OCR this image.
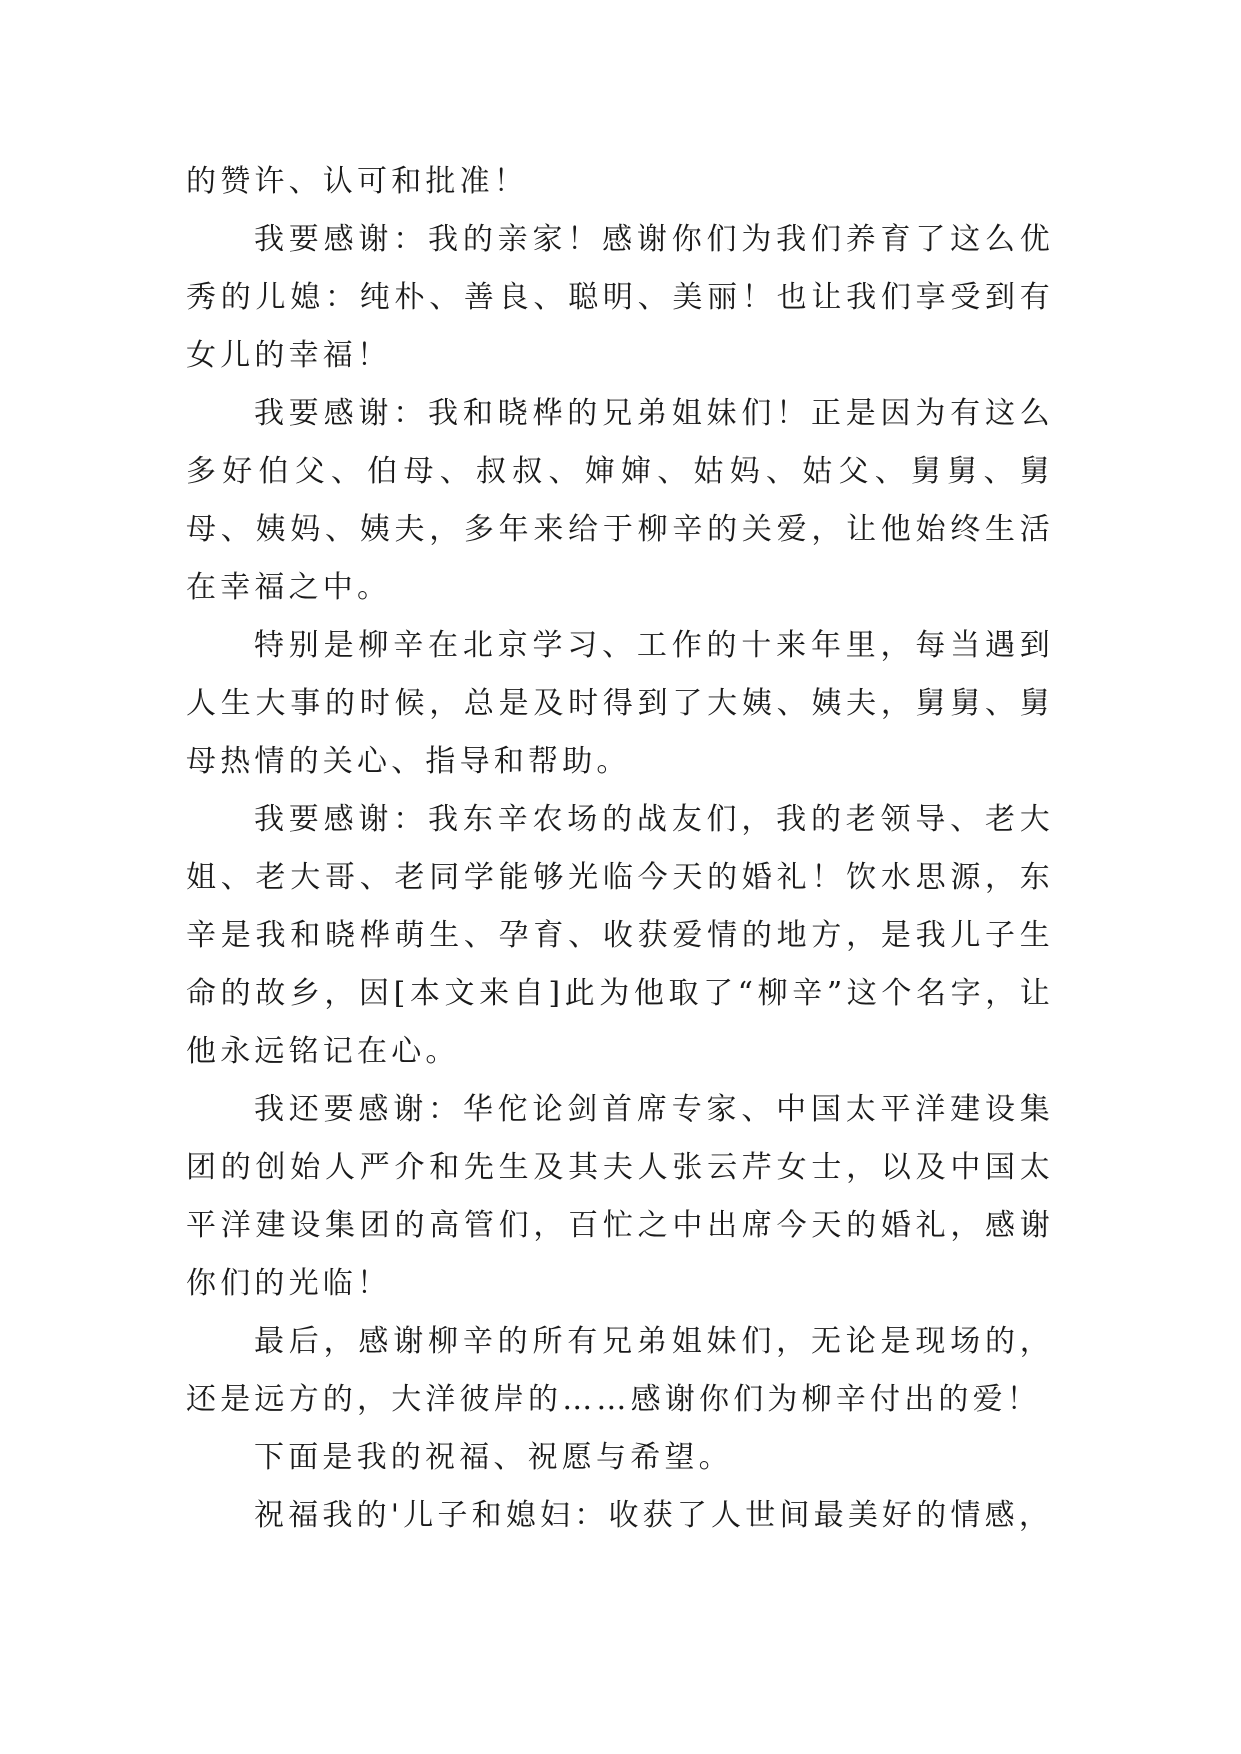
的赞许、认可和批准！

我要感谢：我的亲家！感谢你们为我们养育了这么优秀的儿媳：纯朴、善良、聪明、美丽！也让我们享受到有女儿的幸福！

我要感谢：我和晓桦的兄弟姐妹们！正是因为有这么多好伯父、伯母、叔叔、婶婶、姑妈、姑父、舅舅、舅母、姨妈、姨夫，多年来给于柳辛的关爱，让他始终生活在幸福之中。

特别是柳辛在北京学习、工作的十来年里，每当遇到人生大事的时候，总是及时得到了大姨、姨夫，舅舅、舅母热情的关心、指导和帮助。

我要感谢：我东辛农场的战友们，我的老领导、老大姐、老大哥、老同学能够光临今天的婚礼！饮水思源，东辛是我和晓桦萌生、孕育、收获爱情的地方，是我儿子生命的故乡，因[本文来自]此为他取了“柳辛”这个名字，让他永远铭记在心。

我还要感谢：华佗论剑首席专家、中国太平洋建设集团的创始人严介和先生及其夫人张云芹女士，以及中国太平洋建设集团的高管们，百忙之中出席今天的婚礼，感谢你们的光临！

最后，感谢柳辛的所有兄弟姐妹们，无论是现场的，还是远方的，大洋彼岸的……感谢你们为柳辛付出的爱！

下面是我的祝福、祝愿与希望。

祝福我的'儿子和媳妇：收获了人世间最美好的情感，
